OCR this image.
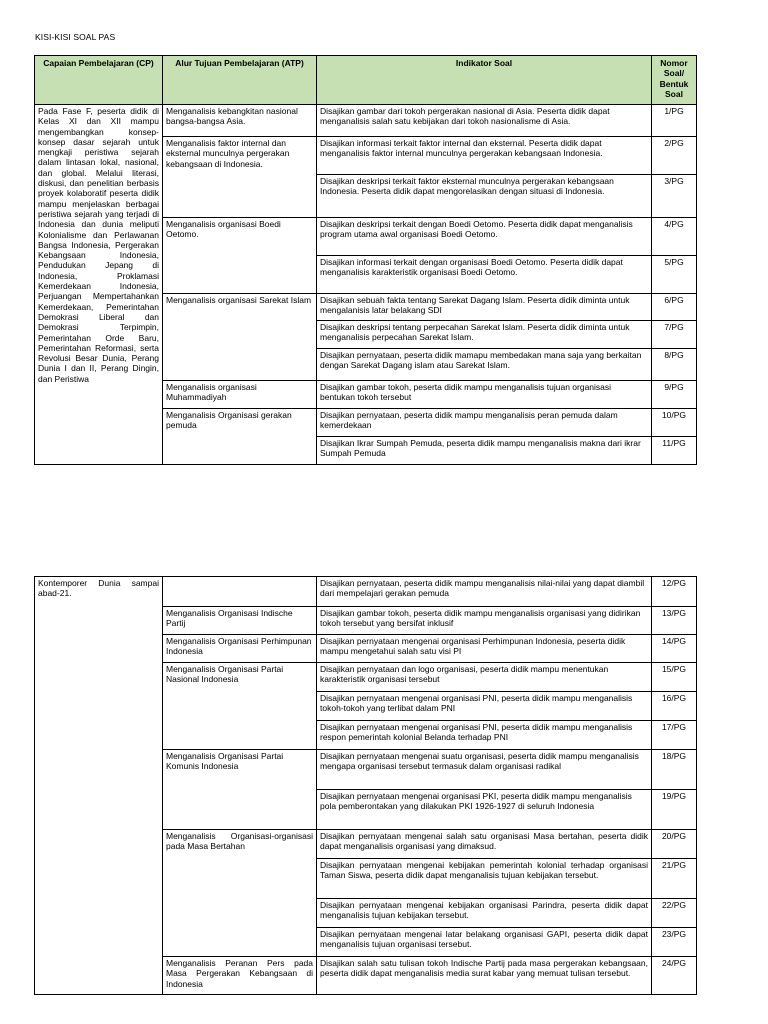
KISI-KISI SOAL PAS
Capaian Pembelajaran (CP)	Alur Tujuan Pembelajaran (ATP)	Indikator Soal	Nomor Soal/ Bentuk Soal
Pada Fase F, peserta didik di Kelas XI dan XII mampu mengembangkan konsep-konsep dasar sejarah untuk mengkaji peristiwa sejarah dalam lintasan lokal, nasional, dan global. Melalui literasi, diskusi, dan penelitian berbasis proyek kolaboratif peserta didik mampu menjelaskan berbagai peristiwa sejarah yang terjadi di Indonesia dan dunia meliputi Kolonialisme dan Perlawanan Bangsa Indonesia, Pergerakan Kebangsaan Indonesia, Pendudukan Jepang di Indonesia, Proklamasi Kemerdekaan Indonesia, Perjuangan Mempertahankan Kemerdekaan, Pemerintahan Demokrasi Liberal dan Demokrasi Terpimpin, Pemerintahan Orde Baru, Pemerintahan Reformasi, serta Revolusi Besar Dunia, Perang Dunia I dan II, Perang Dingin, dan Peristiwa	Menganalisis kebangkitan nasional bangsa-bangsa Asia.	Disajikan gambar dari tokoh pergerakan nasional di Asia. Peserta didik dapat menganalisis salah satu kebijakan dari tokoh nasionalisme di Asia.	1/PG
	Menganalisis faktor internal dan eksternal munculnya pergerakan kebangsaan di Indonesia.	Disajikan informasi terkait faktor internal dan eksternal. Peserta didik dapat menganalisis faktor internal munculnya pergerakan kebangsaan Indonesia.	2/PG
		Disajikan deskripsi terkait faktor eksternal munculnya pergerakan kebangsaan Indonesia. Peserta didik dapat mengorelasikan dengan situasi di Indonesia.	3/PG
	Menganalisis organisasi Boedi Oetomo.	Disajikan deskripsi terkait dengan Boedi Oetomo. Peserta didik dapat menganalisis program utama awal organisasi Boedi Oetomo.	4/PG
		Disajikan informasi terkait dengan organisasi Boedi Oetomo. Peserta didik dapat menganalisis karakteristik organisasi Boedi Oetomo.	5/PG
	Menganalisis organisasi Sarekat Islam	Disajikan sebuah fakta tentang Sarekat Dagang Islam. Peserta didik diminta untuk mengalanisis latar belakang SDI	6/PG
		Disajikan deskripsi tentang perpecahan Sarekat Islam. Peserta didik diminta untuk menganalisis perpecahan Sarekat Islam.	7/PG
		Disajikan pernyataan, peserta didik mamapu membedakan mana saja yang berkaitan dengan Sarekat Dagang islam atau Sarekat Islam.	8/PG
	Menganalisis organisasi Muhammadiyah	Disajikan gambar tokoh, peserta didik mampu menganalisis tujuan organisasi bentukan tokoh tersebut	9/PG
	Menganalisis Organisasi gerakan pemuda	Disajikan pernyataan, peserta didik mampu menganalisis peran pemuda dalam kemerdekaan	10/PG
		Disajikan Ikrar Sumpah Pemuda, peserta didik mampu menganalisis makna dari ikrar Sumpah Pemuda	11/PG
Kontemporer Dunia sampai abad-21.		Disajikan pernyataan, peserta didik mampu menganalisis nilai-nilai yang dapat diambil dari mempelajari gerakan pemuda	12/PG
	Menganalisis Organisasi Indische Partij	Disajikan gambar tokoh, peserta didik mampu menganalisis organisasi yang didirikan tokoh tersebut yang bersifat inklusif	13/PG
	Menganalisis Organisasi Perhimpunan Indonesia	Disajikan pernyataan mengenai organisasi Perhimpunan Indonesia, peserta didik mampu mengetahui salah satu visi PI	14/PG
	Menganalisis Organisasi Partai Nasional Indonesia	Disajikan pernyataan dan logo organisasi, peserta didik mampu menentukan karakteristik organisasi tersebut	15/PG
		Disajikan pernyataan mengenai organisasi PNI, peserta didik mampu menganalisis tokoh-tokoh yang terlibat dalam PNI	16/PG
		Disajikan pernyataan mengenai organisasi PNI, peserta didik mampu menganalisis respon pemerintah kolonial Belanda terhadap PNI	17/PG
	Menganalisis Organisasi Partai Komunis Indonesia	Disajikan pernyataan mengenai suatu organisasi, peserta didik mampu menganalisis mengapa organisasi tersebut termasuk dalam organisasi radikal	18/PG
		Disajikan pernyataan mengenai organisasi PKI, peserta didik mampu menganalisis pola pemberontakan yang dilakukan PKI 1926-1927 di seluruh Indonesia	19/PG
	Menganalisis Organisasi-organisasi pada Masa Bertahan	Disajikan pernyataan mengenai salah satu organisasi Masa bertahan, peserta didik dapat menganalisis organisasi yang dimaksud.	20/PG
		Disajikan pernyataan mengenai kebijakan pemerintah kolonial terhadap organisasi Taman Siswa, peserta didik dapat menganalisis tujuan kebijakan tersebut.	21/PG
		Disajikan pernyataan mengenai kebijakan organisasi Parindra, peserta didik dapat menganalisis tujuan kebijakan tersebut.	22/PG
		Disajikan pernyataan mengenai latar belakang organisasi GAPI, peserta didik dapat menganalisis tujuan organisasi tersebut.	23/PG
	Menganalisis Peranan Pers pada Masa Pergerakan Kebangsaan di Indonesia	Disajikan salah satu tulisan tokoh Indische Partij pada masa pergerakan kebangsaan, peserta didik dapat menganalisis media surat kabar yang memuat tulisan tersebut.	24/PG
